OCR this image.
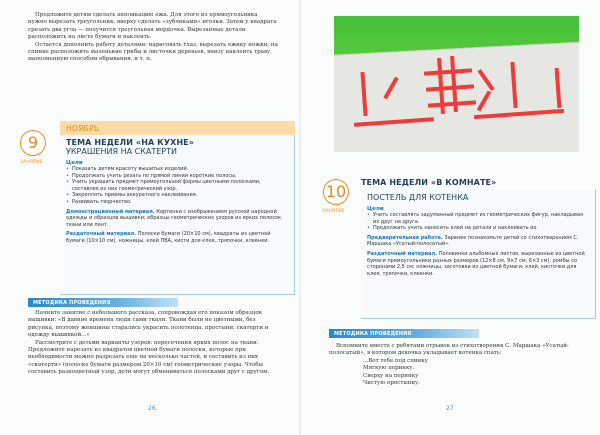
Предложите детям сделать аппликацию ежа. Для этого из прямоугольника нужно вырезать треугольник, вверху сделать «зубчиками» иголки. Затем у квадрата срезать два угла — получится треугольная мордочка. Вырезанные детали расположить на листе бумаги и наклеить.

Остается дополнить работу деталями: нарисовать глаз, вырезать ежику ножки, на спинке расположить маленькие грибы и листочки деревьев, внизу наклеить траву, выполненную способом обрывания, и т. п.

НОЯБРЬ
9
ЗАНЯТИЕ
ТЕМА НЕДЕЛИ «НА КУХНЕ»
УКРАШЕНИЯ НА СКАТЕРТИ
Цели
• Показать детям красоту вышитых изделий.
• Продолжать учить резать по прямой линии короткие полосы.
• Учить украшать предмет прямоугольной формы цветными полосками, составляя из них геометрический узор.
• Закреплять приемы аккуратного наклеивания.
• Развивать творчество.
Демонстрационный материал. Картинки с изображением русской народной одежды и образцов вышивки; образцы геометрических узоров из ярких полосок ткани или лент.
Раздаточный материал. Полоски бумаги (20×10 см), квадраты из цветной бумаги (10×10 см), ножницы, клей ПВА, кисти для клея, тряпочки, клеенки.
МЕТОДИКА ПРОВЕДЕНИЯ

Начните занятие с небольшого рассказа, сопровождая его показом образцов вышивки: «В давние времена люди сами ткали. Ткани были не цветными, без рисунка, поэтому женщины старались украсить полотенца, простыни, скатерти и одежду вышивкой...»

Рассмотрите с детьми варианты узоров: пересечения ярких полос на ткани. Предложите нарезать из квадратов цветной бумаги полоски, которые при необходимости можно разрезать еще на несколько частей, и составить из них «скатерти» (полоске бумаги размером 20×10 см) геометрические узоры. Чтобы составить разноцветный узор, дети могут обмениваться полосками друг с другом.

26
10
ЗАНЯТИЕ
ТЕМА НЕДЕЛИ «В КОМНАТЕ»
ПОСТЕЛЬ ДЛЯ КОТЕНКА
Цели
• Учить составлять задуманный предмет из геометрических фигур, накладывая их друг на друга.
• Продолжать учить наносить клей на детали и наклеивать их.
Предварительная работа. Заранее познакомьте детей со стихотворением С. Маршака «Усатый-полосатый».
Раздаточный материал. Половинки альбомных листов, вырезанные из цветной бумаги прямоугольники разных размеров (12×8 см, 9×7 см, 6×3 см), ромбы со сторонами 2,5 см; ножницы, заготовки из цветной бумаги, клей, кисточки для клея, тряпочки, клеенки.
МЕТОДИКА ПРОВЕДЕНИЯ

Вспомните вместе с ребятами отрывок из стихотворения С. Маршака «Усатый-полосатый», в котором девочка укладывает котенка спать:

...Вот тебе под спинку
Мягкую перинку.
Сверху на перинку
Чистую простынку.
27
